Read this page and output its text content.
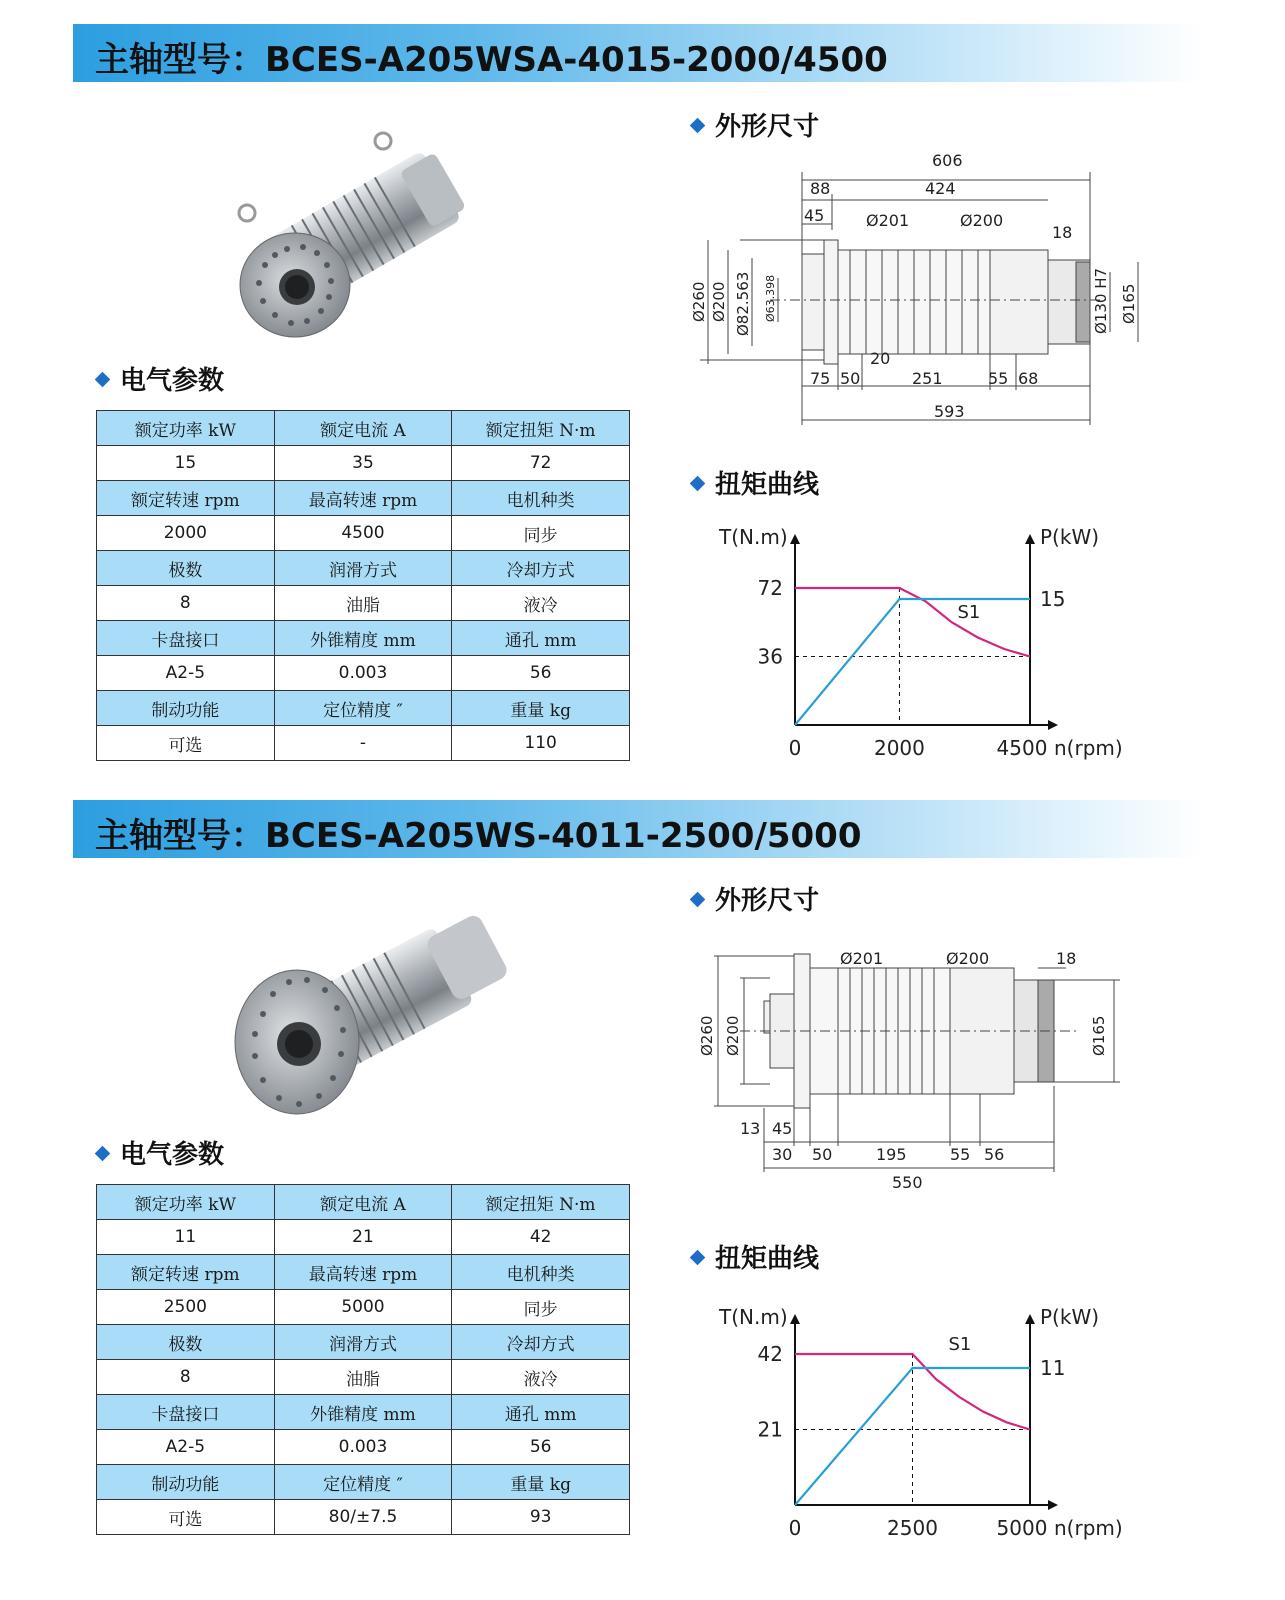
主轴型号：BCES-A205WSA-4015-2000/4500
外形尺寸
电气参数
扭矩曲线
额定功率 kW	额定电流 A	额定扭矩 N·m
15	35	72
额定转速 rpm	最高转速 rpm	电机种类
2000	4500	同步
极数	润滑方式	冷却方式
8	油脂	液冷
卡盘接口	外锥精度 mm	通孔 mm
A2-5	0.003	56
制动功能	定位精度 ″	重量 kg
可选	-	110
606
88	424
45	Ø201	Ø200
18
20
75 50	251	55 68
593
Ø260 Ø200 Ø82.563 Ø63.398	Ø130 H7 Ø165
T(N.m)	P(kW)
n(rpm)
72
36
15
0	2000	4500
S1
主轴型号：BCES-A205WS-4011-2500/5000
外形尺寸
电气参数
扭矩曲线
额定功率 kW	额定电流 A	额定扭矩 N·m
11	21	42
额定转速 rpm	最高转速 rpm	电机种类
2500	5000	同步
极数	润滑方式	冷却方式
8	油脂	液冷
卡盘接口	外锥精度 mm	通孔 mm
A2-5	0.003	56
制动功能	定位精度 ″	重量 kg
可选	80/±7.5	93
Ø201	Ø200	18
Ø260 Ø200	Ø165
13 45
30 50	195	55 56
550
T(N.m)	P(kW)
n(rpm)
42
21
11
0	2500	5000
S1
